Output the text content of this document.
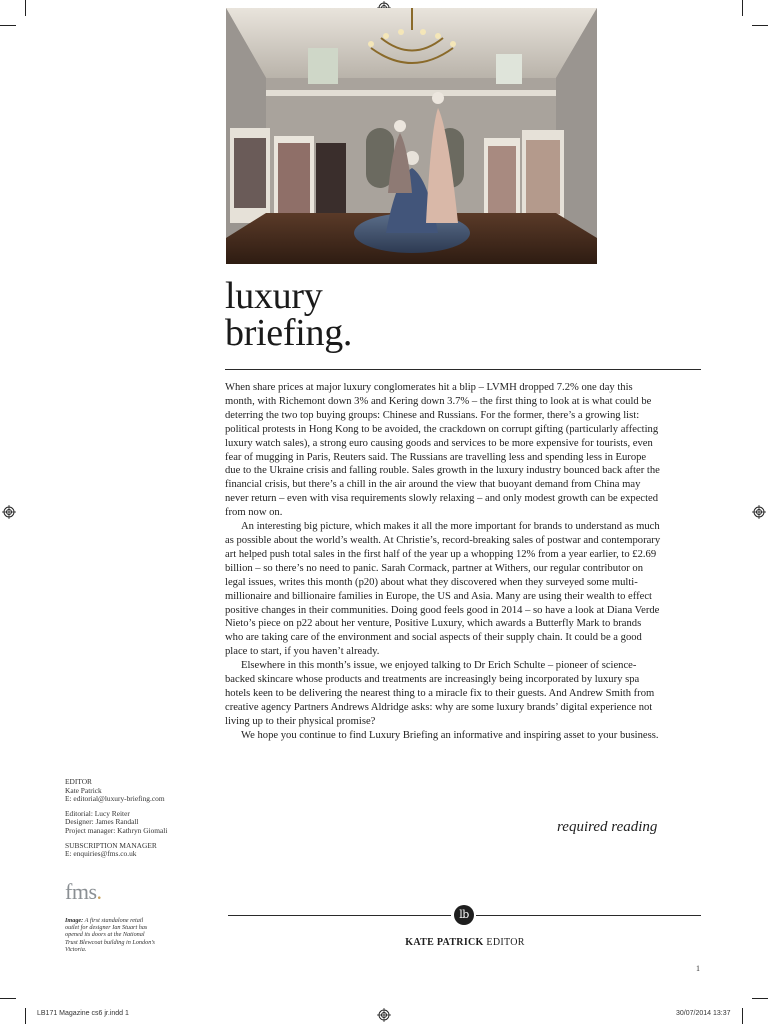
luxury
briefing.

When share prices at major luxury conglomerates hit a blip – LVMH dropped 7.2% one day this month, with Richemont down 3% and Kering down 3.7% – the first thing to look at is what could be deterring the two top buying groups: Chinese and Russians. For the former, there’s a growing list: political protests in Hong Kong to be avoided, the crackdown on corrupt gifting (particularly affecting luxury watch sales), a strong euro causing goods and services to be more expensive for tourists, even fear of mugging in Paris, Reuters said. The Russians are travelling less and spending less in Europe due to the Ukraine crisis and falling rouble. Sales growth in the luxury industry bounced back after the financial crisis, but there’s a chill in the air around the view that buoyant demand from China may never return – even with visa requirements slowly relaxing – and only modest growth can be expected from now on.

An interesting big picture, which makes it all the more important for brands to understand as much as possible about the world’s wealth. At Christie’s, record-breaking sales of postwar and contemporary art helped push total sales in the first half of the year up a whopping 12% from a year earlier, to £2.69 billion – so there’s no need to panic. Sarah Cormack, partner at Withers, our regular contributor on legal issues, writes this month (p20) about what they discovered when they surveyed some multi-millionaire and billionaire families in Europe, the US and Asia. Many are using their wealth to effect positive changes in their communities. Doing good feels good in 2014 – so have a look at Diana Verde Nieto’s piece on p22 about her venture, Positive Luxury, which awards a Butterfly Mark to brands who are taking care of the environment and social aspects of their supply chain. It could be a good place to start, if you haven’t already.

Elsewhere in this month’s issue, we enjoyed talking to Dr Erich Schulte – pioneer of science-backed skincare whose products and treatments are increasingly being incorporated by luxury spa hotels keen to be delivering the nearest thing to a miracle fix to their guests. And Andrew Smith from creative agency Partners Andrews Aldridge asks: why are some luxury brands’ digital experience not living up to their physical promise?

We hope you continue to find Luxury Briefing an informative and inspiring asset to your business.

EDITOR
Kate Patrick
E: editorial@luxury-briefing.com
Editorial: Lucy Reiter
Designer: James Randall
Project manager: Kathryn Giomali
SUBSCRIPTION MANAGER
E: enquiries@fms.co.uk
fms.
Image: A first standalone retail outlet for designer Ian Stuart has opened its doors at the National Trust Blewcoat building in London’s Victoria.
required reading
lb
KATE PATRICK EDITOR
1
LB171 Magazine cs6 jr.indd 1	30/07/2014 13:37
